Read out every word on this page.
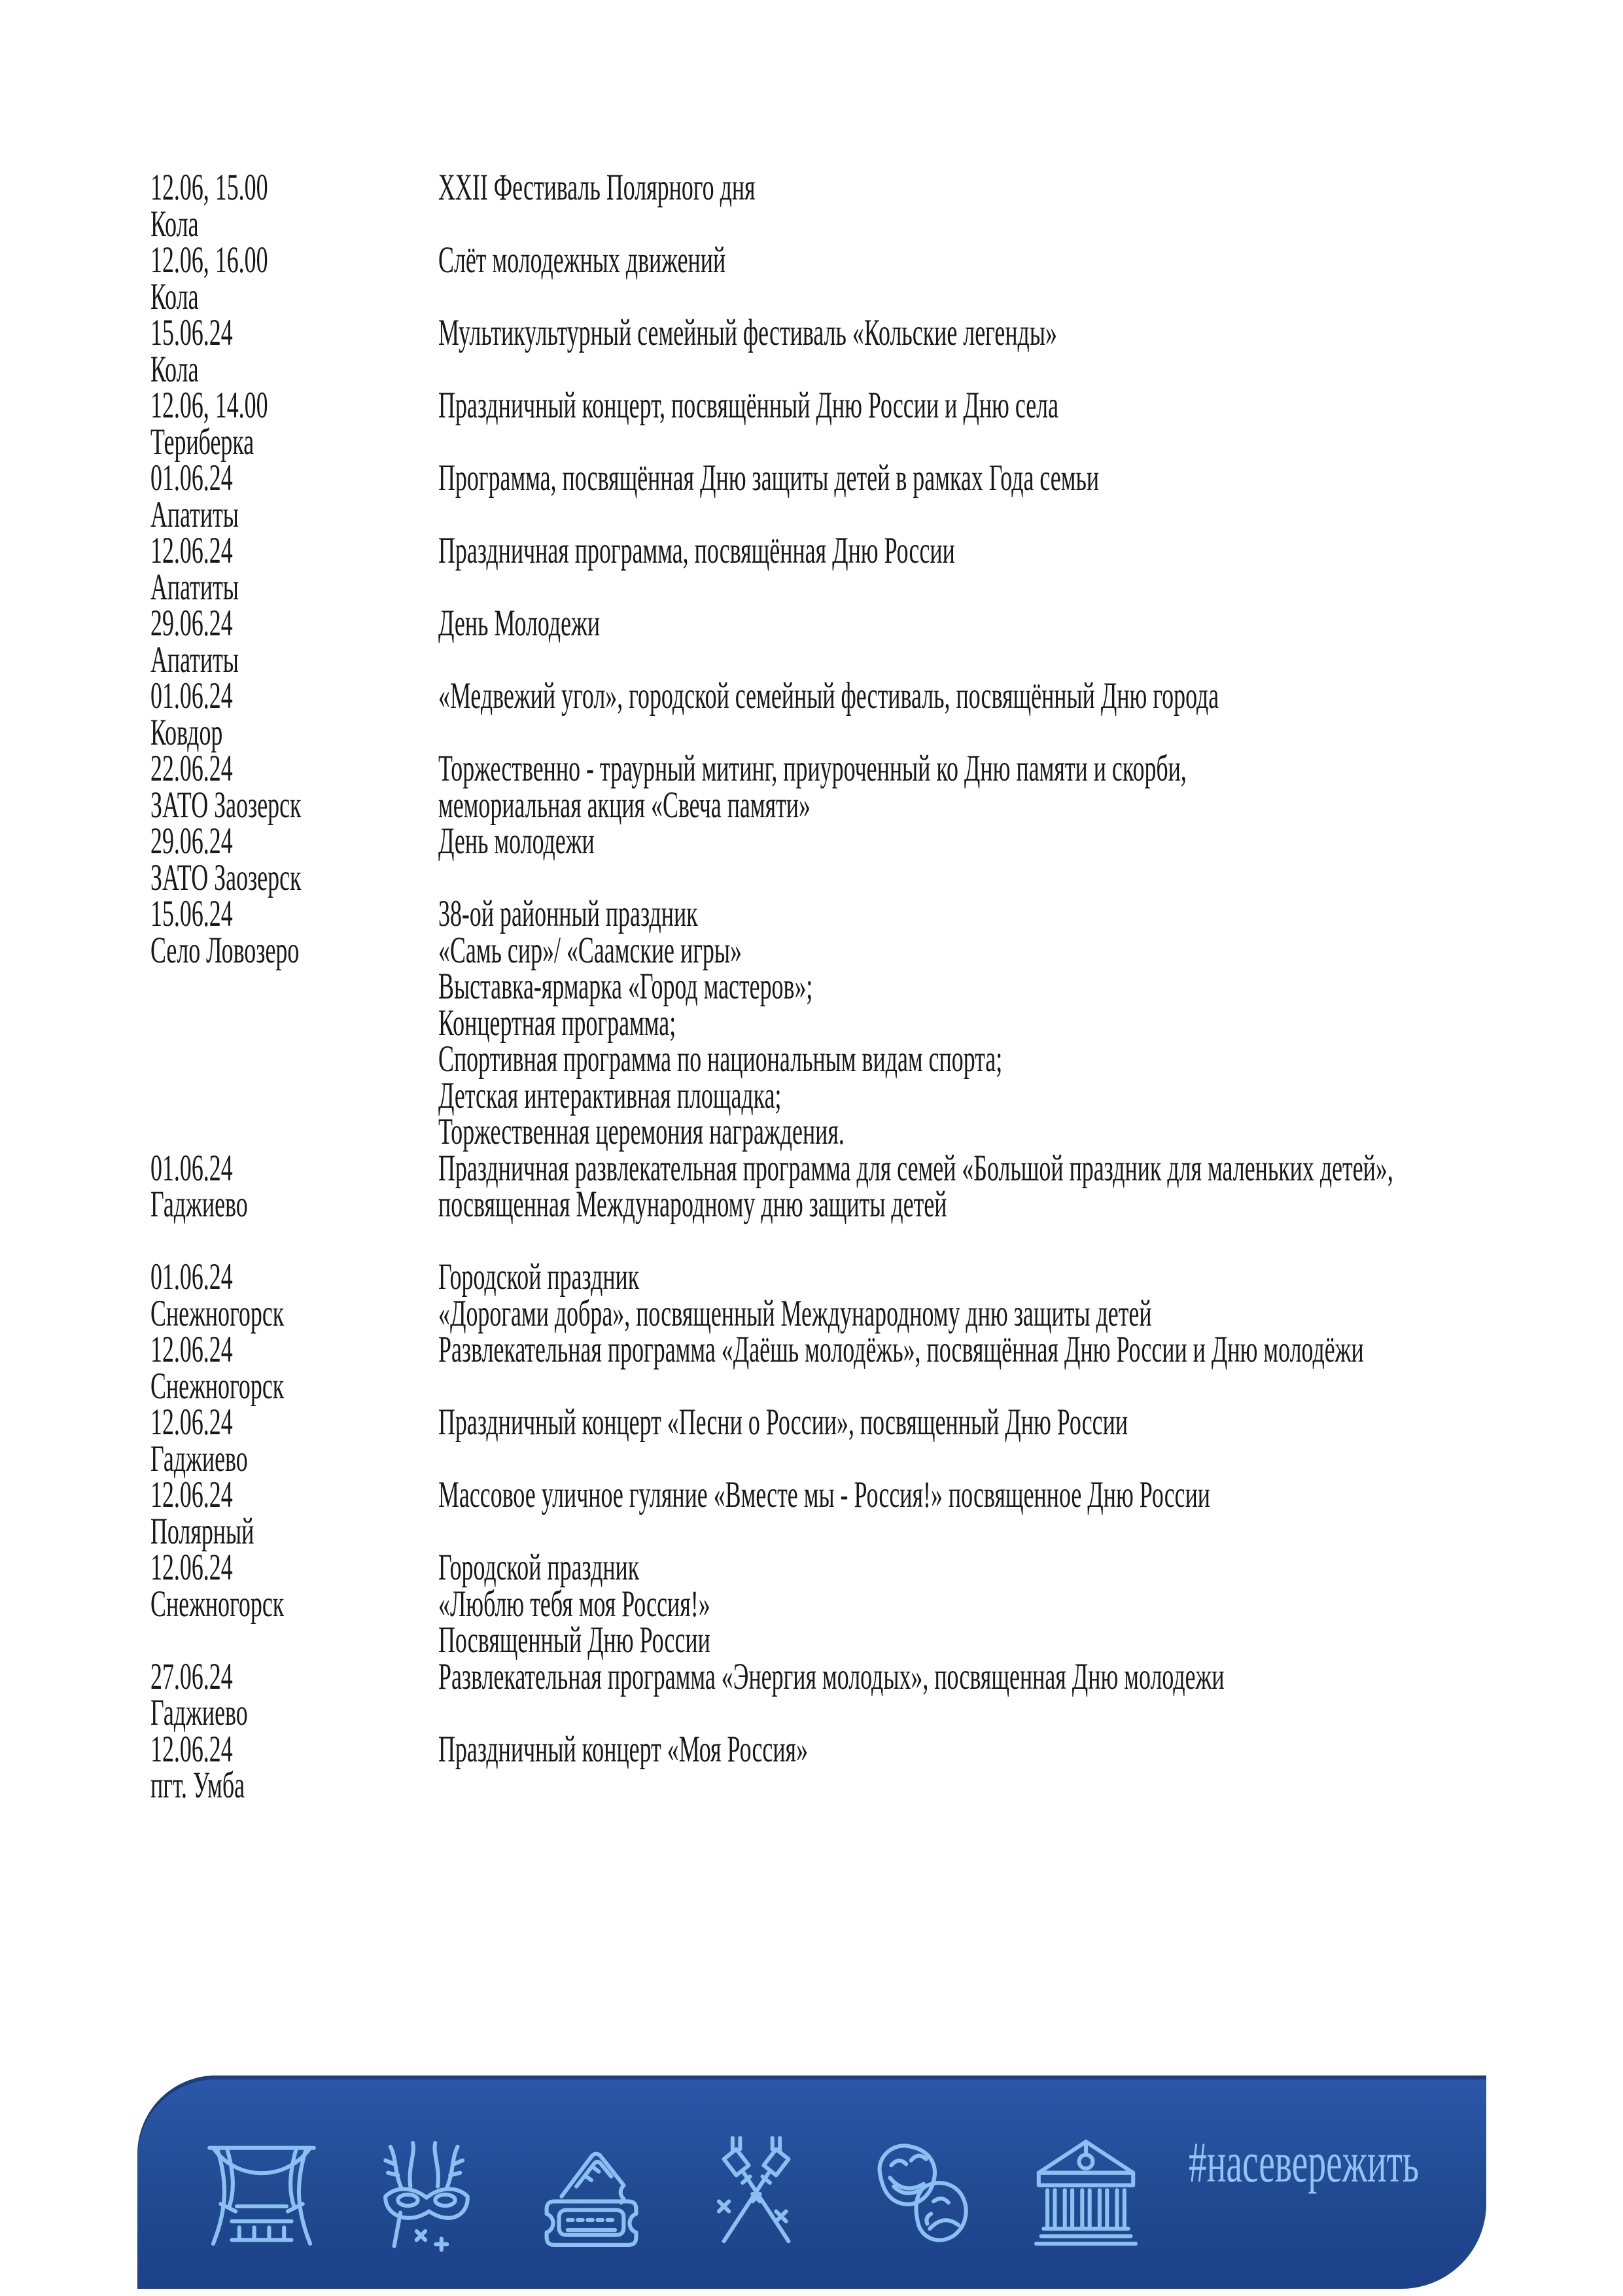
12.06, 15.00
Кола
XXII Фестиваль Полярного дня
12.06, 16.00
Кола
Слёт молодежных движений
15.06.24
Кола
Мультикультурный семейный фестиваль «Кольские легенды»
12.06, 14.00
Териберка
Праздничный концерт, посвящённый Дню России и Дню села
01.06.24
Апатиты
Программа, посвящённая Дню защиты детей в рамках Года семьи
12.06.24
Апатиты
Праздничная программа, посвящённая Дню России
29.06.24
Апатиты
День Молодежи
01.06.24
Ковдор
«Медвежий угол», городской семейный фестиваль, посвящённый Дню города
22.06.24
ЗАТО Заозерск
Торжественно - траурный митинг, приуроченный ко Дню памяти и скорби,
мемориальная акция «Свеча памяти»
29.06.24
ЗАТО Заозерск
День молодежи
15.06.24
Село Ловозеро
38-ой районный праздник
«Самь сир»/ «Саамские игры»
Выставка-ярмарка «Город мастеров»;
Концертная программа;
Спортивная программа по национальным видам спорта;
Детская интерактивная площадка;
Торжественная церемония награждения.
01.06.24
Гаджиево
Праздничная развлекательная программа для семей «Большой праздник для маленьких детей»,
посвященная Международному дню защиты детей
01.06.24
Снежногорск
Городской праздник
«Дорогами добра», посвященный Международному дню защиты детей
12.06.24
Снежногорск
Развлекательная программа «Даёшь молодёжь», посвящённая Дню России и Дню молодёжи
12.06.24
Гаджиево
Праздничный концерт «Песни о России», посвященный Дню России
12.06.24
Полярный
Массовое уличное гуляние «Вместе мы - Россия!» посвященное Дню России
12.06.24
Снежногорск
Городской праздник
«Люблю тебя моя Россия!»
Посвященный Дню России
27.06.24
Гаджиево
Развлекательная программа «Энергия молодых», посвященная Дню молодежи
12.06.24
пгт. Умба
Праздничный концерт «Моя Россия»
#насевережить
